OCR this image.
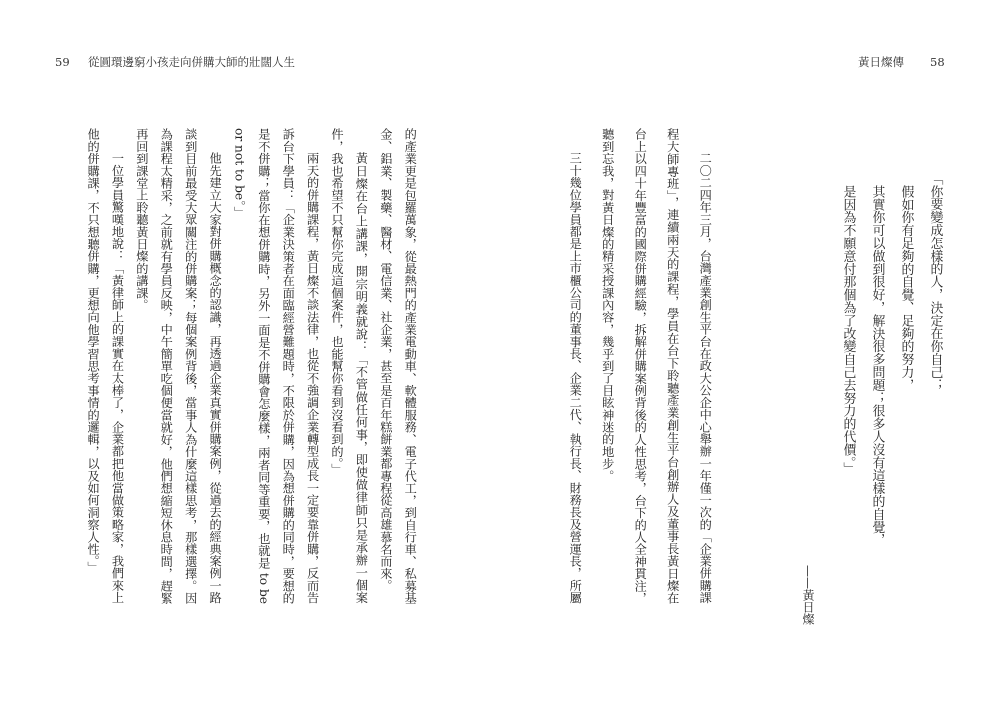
59 從圓環邊窮小孩走向併購大師的壯闊人生
的產業更是包羅萬象，從最熱門的產業電動車、軟體服務、電子代工，到自行車、私募基
金、鋁業、製藥、醫材、電信業、社企業，甚至是百年糕餅業都專程從高雄慕名而來。
黃日燦在台上講課，開宗明義就說：「不管做任何事，即使做律師只是承辦一個案
件，我也希望不只幫你完成這個案件，也能幫你看到沒看到的。」
兩天的併購課程，黃日燦不談法律，也從不強調企業轉型成長一定要靠併購，反而告
訴台下學員：「企業決策者在面臨經營難題時，不限於併購，因為想併購的同時，要想的
是不併購；當你在想併購時，另外一面是不併購會怎麼樣，兩者同等重要，也就是 to be
or not to be。」
他先建立大家對併購概念的認識，再透過企業真實併購案例，從過去的經典案例一路
談到目前最受大眾關注的併購案；每個案例背後，當事人為什麼這樣思考，那樣選擇。因
為課程太精采，之前就有學員反映，中午簡單吃個便當就好，他們想縮短休息時間，趕緊
再回到課堂上聆聽黃日燦的講課。
一位學員驚嘆地說：「黃律師上的課實在太棒了，企業都把他當做策略家，我們來上
他的併購課，不只想聽併購，更想向他學習思考事情的邏輯，以及如何洞察人性。」
黃日燦傳 58
「你要變成怎樣的人，決定在你自己；
假如你有足夠的自覺、足夠的努力，
其實你可以做到很好，解決很多問題；很多人沒有這樣的自覺，
是因為不願意付那個為了改變自己去努力的代價。」
——黃日燦
二〇二四年三月，台灣產業創生平台在政大公企中心舉辦一年僅一次的「企業併購課
程大師專班」，連續兩天的課程，學員在台下聆聽產業創生平台創辦人及董事長黃日燦在
台上以四十年豐富的國際併購經驗，拆解併購案例背後的人性思考，台下的人全神貫注，
聽到忘我，對黃日燦的精采授課內容，幾乎到了目眩神迷的地步。
三十幾位學員都是上市櫃公司的董事長、企業二代、執行長、財務長及營運長，所屬
